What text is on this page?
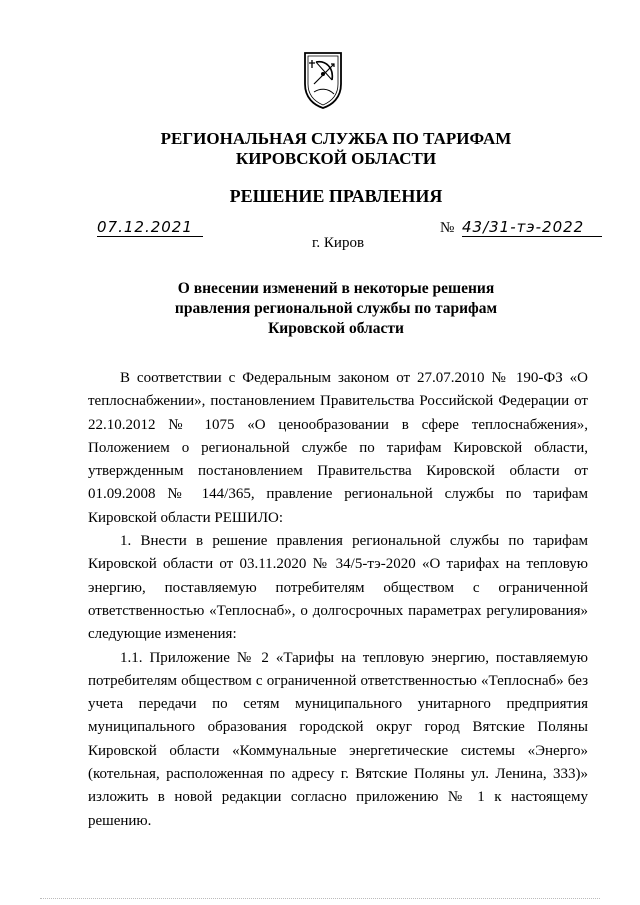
РЕГИОНАЛЬНАЯ СЛУЖБА ПО ТАРИФАМ
КИРОВСКОЙ ОБЛАСТИ
РЕШЕНИЕ ПРАВЛЕНИЯ
07.12.2021	№ 43/31-тэ-2022
г. Киров
О внесении изменений в некоторые решения
правления региональной службы по тарифам
Кировской области

В соответствии с Федеральным законом от 27.07.2010 № 190-ФЗ «О теплоснабжении», постановлением Правительства Российской Федерации от 22.10.2012 № 1075 «О ценообразовании в сфере теплоснабжения», Положением о региональной службе по тарифам Кировской области, утвержденным постановлением Правительства Кировской области от 01.09.2008 № 144/365, правление региональной службы по тарифам Кировской области РЕШИЛО:

1. Внести в решение правления региональной службы по тарифам Кировской области от 03.11.2020 № 34/5-тэ-2020 «О тарифах на тепловую энергию, поставляемую потребителям обществом с ограниченной ответственностью «Теплоснаб», о долгосрочных параметрах регулирования» следующие изменения:

1.1. Приложение № 2 «Тарифы на тепловую энергию, поставляемую потребителям обществом с ограниченной ответственностью «Теплоснаб» без учета передачи по сетям муниципального унитарного предприятия муниципального образования городской округ город Вятские Поляны Кировской области «Коммунальные энергетические системы «Энерго» (котельная, расположенная по адресу г. Вятские Поляны ул. Ленина, 333)» изложить в новой редакции согласно приложению № 1 к настоящему решению.
